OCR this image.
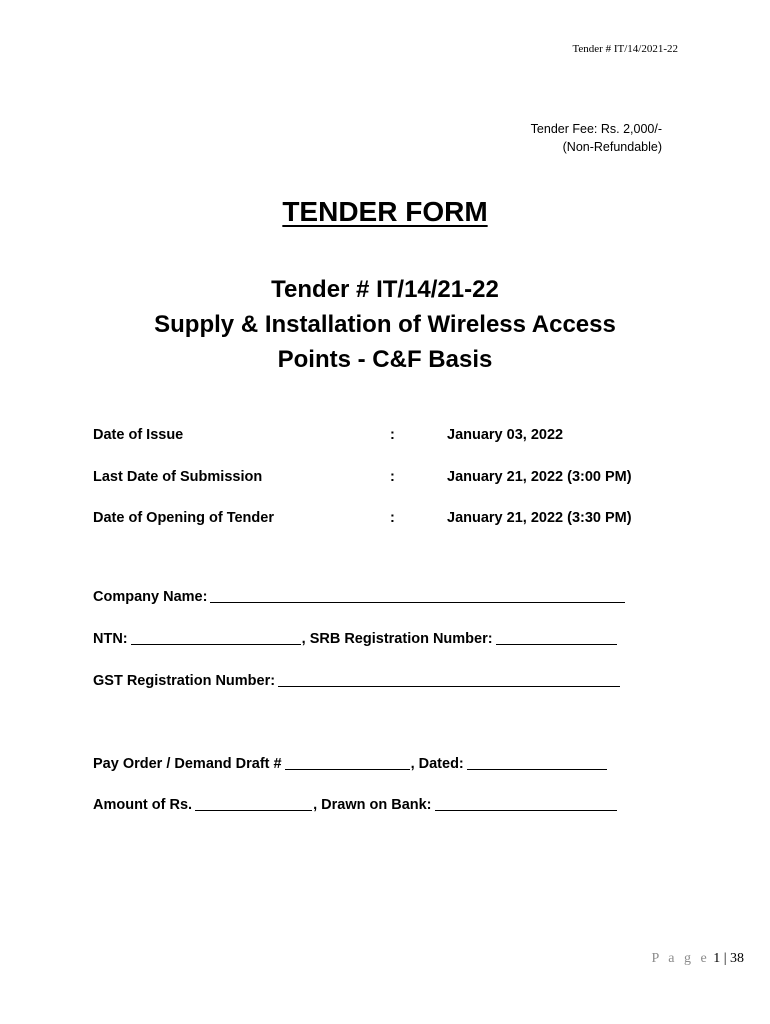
Tender # IT/14/2021-22
Tender Fee: Rs. 2,000/-
(Non-Refundable)
TENDER FORM
Tender # IT/14/21-22
Supply & Installation of Wireless Access
Points - C&F Basis
Date of Issue	:	January 03, 2022
Last Date of Submission	:	January 21, 2022 (3:00 PM)
Date of Opening of Tender	:	January 21, 2022 (3:30 PM)
Company Name:
NTN:	, SRB Registration Number:
GST Registration Number:
Pay Order / Demand Draft #	, Dated:
Amount of Rs.	, Drawn on Bank:
P a g e 1 | 38
